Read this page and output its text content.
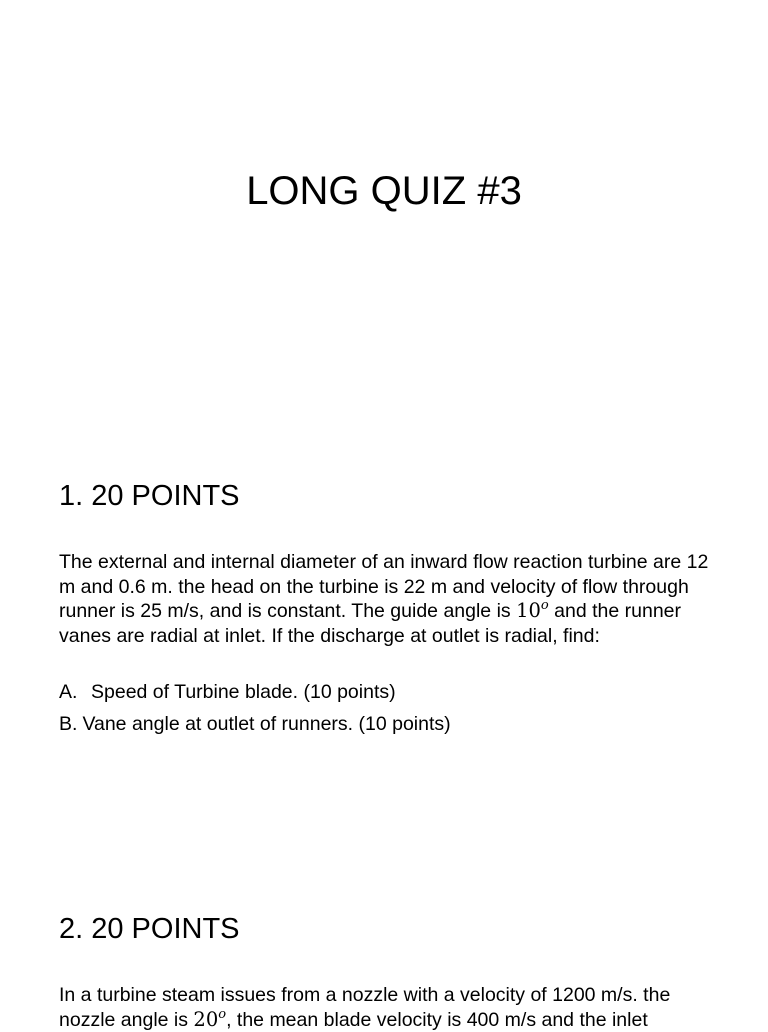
LONG QUIZ #3
1. 20 POINTS

The external and internal diameter of an inward flow reaction turbine are 12 m and 0.6 m. the head on the turbine is 22 m and velocity of flow through runner is 25 m/s, and is constant. The guide angle is 10$^o$ and the runner vanes are radial at inlet. If the discharge at outlet is radial, find:

A. Speed of Turbine blade. (10 points)

B. Vane angle at outlet of runners. (10 points)

2. 20 POINTS

In a turbine steam issues from a nozzle with a velocity of 1200 m/s. the
nozzle angle is 20$^o$, the mean blade velocity is 400 m/s and the inlet
